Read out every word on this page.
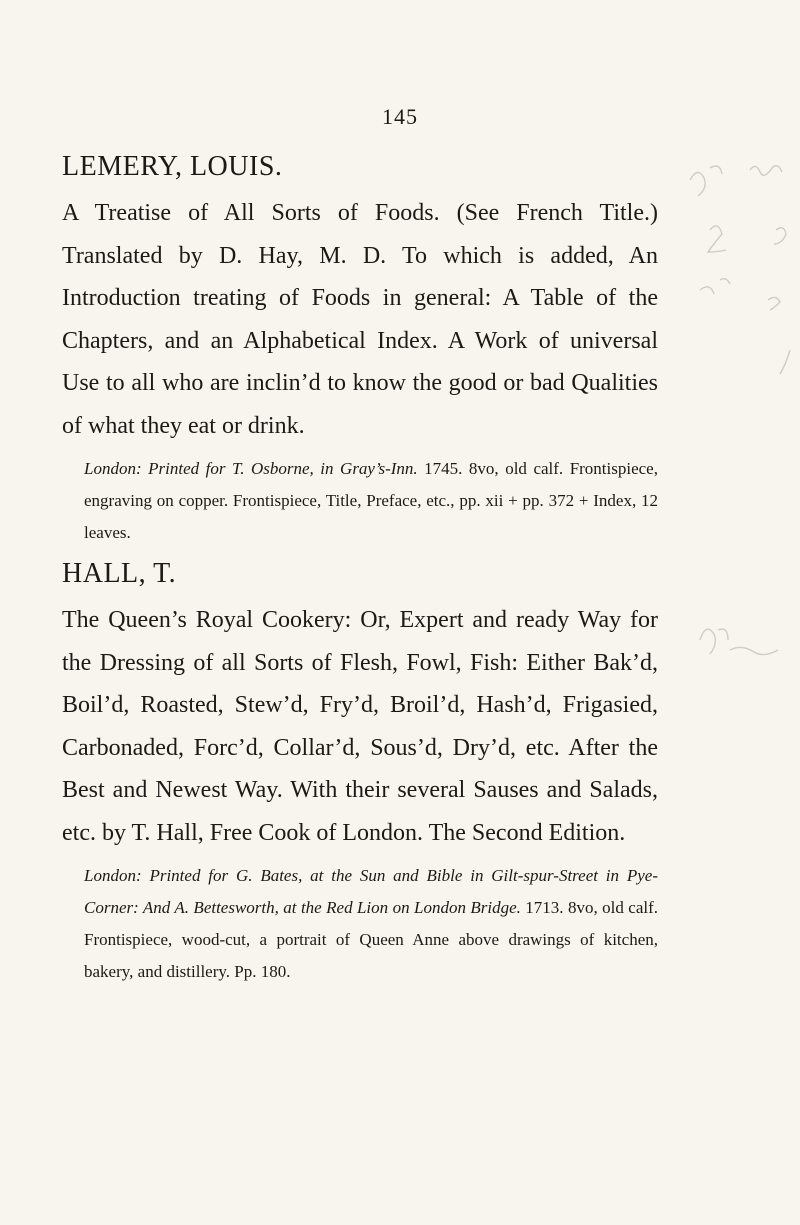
145
LEMERY, LOUIS.

A Treatise of All Sorts of Foods. (See French Title.) Translated by D. Hay, M. D. To which is added, An Introduction treating of Foods in general: A Table of the Chapters, and an Alphabetical Index. A Work of universal Use to all who are inclin’d to know the good or bad Qualities of what they eat or drink.

London: Printed for T. Osborne, in Gray’s-Inn. 1745. 8vo, old calf. Frontispiece, engraving on copper. Frontispiece, Title, Preface, etc., pp. xii + pp. 372 + Index, 12 leaves.

HALL, T.

The Queen’s Royal Cookery: Or, Expert and ready Way for the Dressing of all Sorts of Flesh, Fowl, Fish: Either Bak’d, Boil’d, Roasted, Stew’d, Fry’d, Broil’d, Hash’d, Frigasied, Carbonaded, Forc’d, Collar’d, Sous’d, Dry’d, etc. After the Best and Newest Way. With their several Sauses and Salads, etc. by T. Hall, Free Cook of London. The Second Edition.

London: Printed for G. Bates, at the Sun and Bible in Gilt-spur-Street in Pye-Corner: And A. Bettesworth, at the Red Lion on London Bridge. 1713. 8vo, old calf. Frontispiece, wood-cut, a portrait of Queen Anne above drawings of kitchen, bakery, and distillery. Pp. 180.
